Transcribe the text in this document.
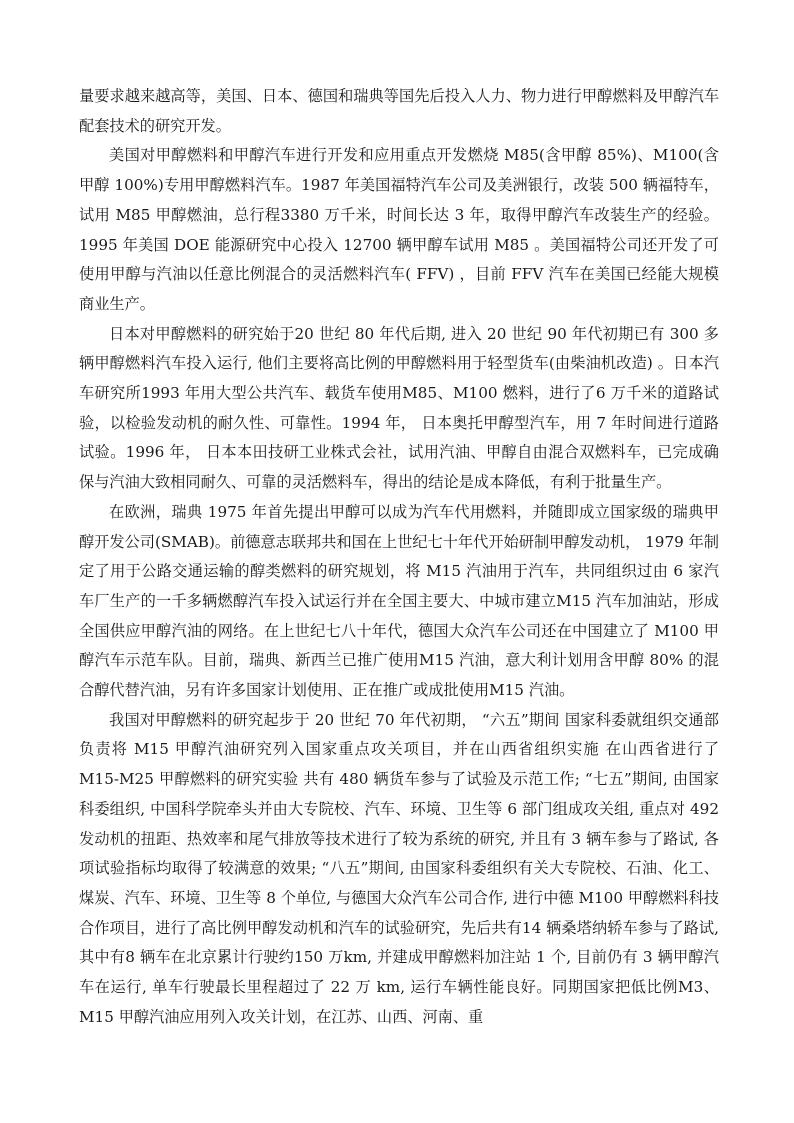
量要求越来越高等，美国、日本、德国和瑞典等国先后投入人力、物力进行甲醇燃料及甲醇汽车配套技术的研究开发。

美国对甲醇燃料和甲醇汽车进行开发和应用重点开发燃烧 M85(含甲醇 85%)、M100(含甲醇 100%)专用甲醇燃料汽车。1987 年美国福特汽车公司及美洲银行，改装 500 辆福特车，试用 M85 甲醇燃油，总行程3380 万千米，时间长达 3 年，取得甲醇汽车改装生产的经验。1995 年美国 DOE 能源研究中心投入 12700 辆甲醇车试用 M85 。美国福特公司还开发了可使用甲醇与汽油以任意比例混合的灵活燃料汽车( FFV) ，目前 FFV 汽车在美国已经能大规模商业生产。

日本对甲醇燃料的研究始于20 世纪 80 年代后期, 进入 20 世纪 90 年代初期已有 300 多辆甲醇燃料汽车投入运行, 他们主要将高比例的甲醇燃料用于轻型货车(由柴油机改造) 。日本汽车研究所1993 年用大型公共汽车、载货车使用M85、M100 燃料，进行了6 万千米的道路试验，以检验发动机的耐久性、可靠性。1994 年， 日本奥托甲醇型汽车，用 7 年时间进行道路试验。1996 年， 日本本田技研工业株式会社，试用汽油、甲醇自由混合双燃料车，已完成确保与汽油大致相同耐久、可靠的灵活燃料车，得出的结论是成本降低，有利于批量生产。

在欧洲，瑞典 1975 年首先提出甲醇可以成为汽车代用燃料，并随即成立国家级的瑞典甲醇开发公司(SMAB)。前德意志联邦共和国在上世纪七十年代开始研制甲醇发动机， 1979 年制定了用于公路交通运输的醇类燃料的研究规划，将 M15 汽油用于汽车，共同组织过由 6 家汽车厂生产的一千多辆燃醇汽车投入试运行并在全国主要大、中城市建立M15 汽车加油站，形成全国供应甲醇汽油的网络。在上世纪七八十年代，德国大众汽车公司还在中国建立了 M100 甲醇汽车示范车队。目前，瑞典、新西兰已推广使用M15 汽油，意大利计划用含甲醇 80% 的混合醇代替汽油，另有许多国家计划使用、正在推广或成批使用M15 汽油。

我国对甲醇燃料的研究起步于 20 世纪 70 年代初期， “六五”期间 国家科委就组织交通部负责将 M15 甲醇汽油研究列入国家重点攻关项目，并在山西省组织实施 在山西省进行了 M15-M25 甲醇燃料的研究实验 共有 480 辆货车参与了试验及示范工作; “七五”期间, 由国家科委组织, 中国科学院牵头并由大专院校、汽车、环境、卫生等 6 部门组成攻关组, 重点对 492 发动机的扭距、热效率和尾气排放等技术进行了较为系统的研究, 并且有 3 辆车参与了路试, 各项试验指标均取得了较满意的效果; “八五”期间, 由国家科委组织有关大专院校、石油、化工、煤炭、汽车、环境、卫生等 8 个单位, 与德国大众汽车公司合作, 进行中德 M100 甲醇燃料科技合作项目，进行了高比例甲醇发动机和汽车的试验研究，先后共有14 辆桑塔纳轿车参与了路试, 其中有8 辆车在北京累计行驶约150 万km, 并建成甲醇燃料加注站 1 个, 目前仍有 3 辆甲醇汽车在运行, 单车行驶最长里程超过了 22 万 km, 运行车辆性能良好。同期国家把低比例M3、M15 甲醇汽油应用列入攻关计划，在江苏、山西、河南、重
